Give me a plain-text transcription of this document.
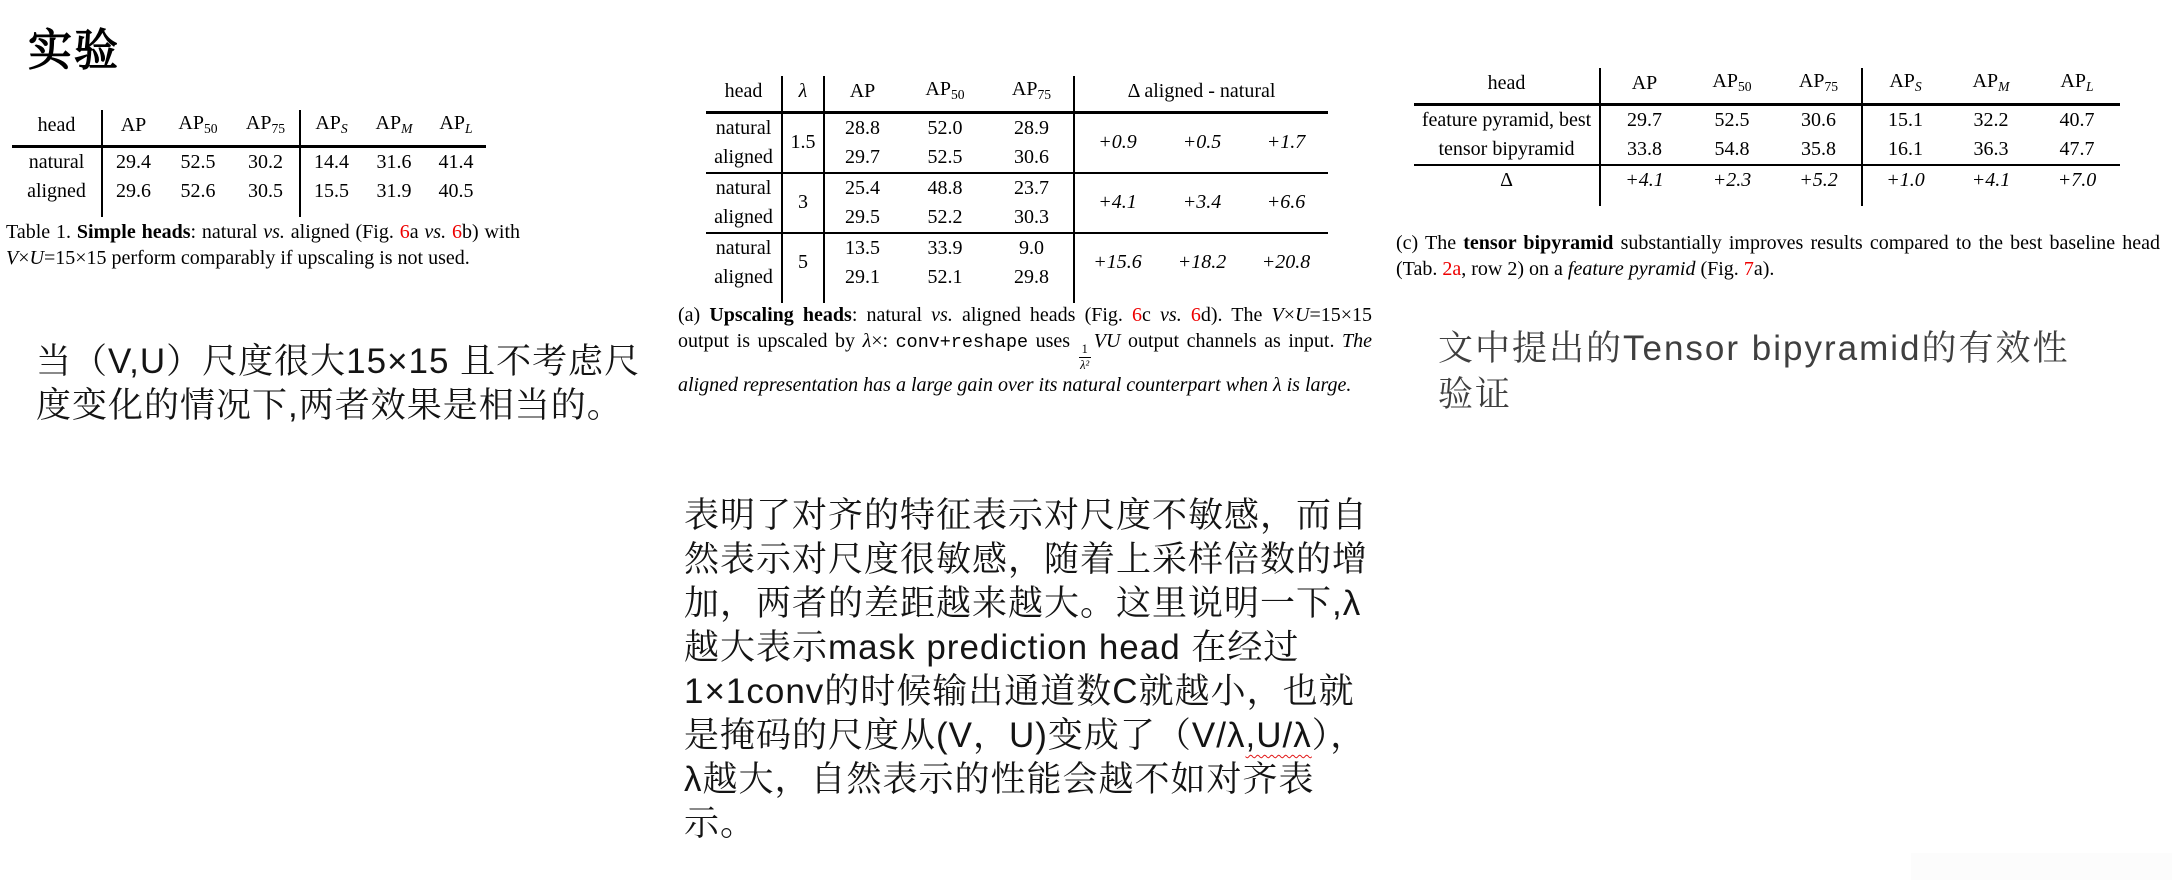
实验
head	AP	$AP_{50}$	$AP_{75}$	$AP_S$	$AP_M$	$AP_L$
natural	29.4	52.5	30.2	14.4	31.6	41.4
aligned	29.6	52.6	30.5	15.5	31.9	40.5

Table 1. Simple heads: natural vs. aligned (Fig. 6a vs. 6b) with V×U=15×15 perform comparably if upscaling is not used.

当（V,U）尺度很大15×15 且不考虑尺度变化的情况下,两者效果是相当的。

head	λ	AP	$AP_{50}$	$AP_{75}$	Δ aligned - natural		
natural	1.5	28.8	52.0	28.9	+0.9	+0.5	+1.7
aligned		29.7	52.5	30.6			
natural	3	25.4	48.8	23.7	+4.1	+3.4	+6.6
aligned		29.5	52.2	30.3			
natural	5	13.5	33.9	9.0	+15.6	+18.2	+20.8
aligned		29.1	52.1	29.8			

(a) Upscaling heads: natural vs. aligned heads (Fig. 6c vs. 6d). The V×U=15×15 output is upscaled by λ×: conv+reshape uses
$\frac{1}{\text{λ²}}$
VU output channels as input. The aligned representation has a large gain over its natural counterpart when λ is large.

表明了对齐的特征表示对尺度不敏感，而自然表示对尺度很敏感，随着上采样倍数的增加，两者的差距越来越大。这里说明一下,λ越大表示mask prediction head 在经过1×1conv的时候输出通道数C就越小，也就是掩码的尺度从(V，U)变成了（V/λ,U/λ），λ越大，自然表示的性能会越不如对齐表示。

head	AP	$AP_{50}$	$AP_{75}$	$AP_S$	$AP_M$	$AP_L$
feature pyramid, best	29.7	52.5	30.6	15.1	32.2	40.7
tensor bipyramid	33.8	54.8	35.8	16.1	36.3	47.7
Δ	+4.1	+2.3	+5.2	+1.0	+4.1	+7.0

(c) The tensor bipyramid substantially improves results compared to the best baseline head (Tab. 2a, row 2) on a feature pyramid (Fig. 7a).

文中提出的Tensor bipyramid的有效性验证
